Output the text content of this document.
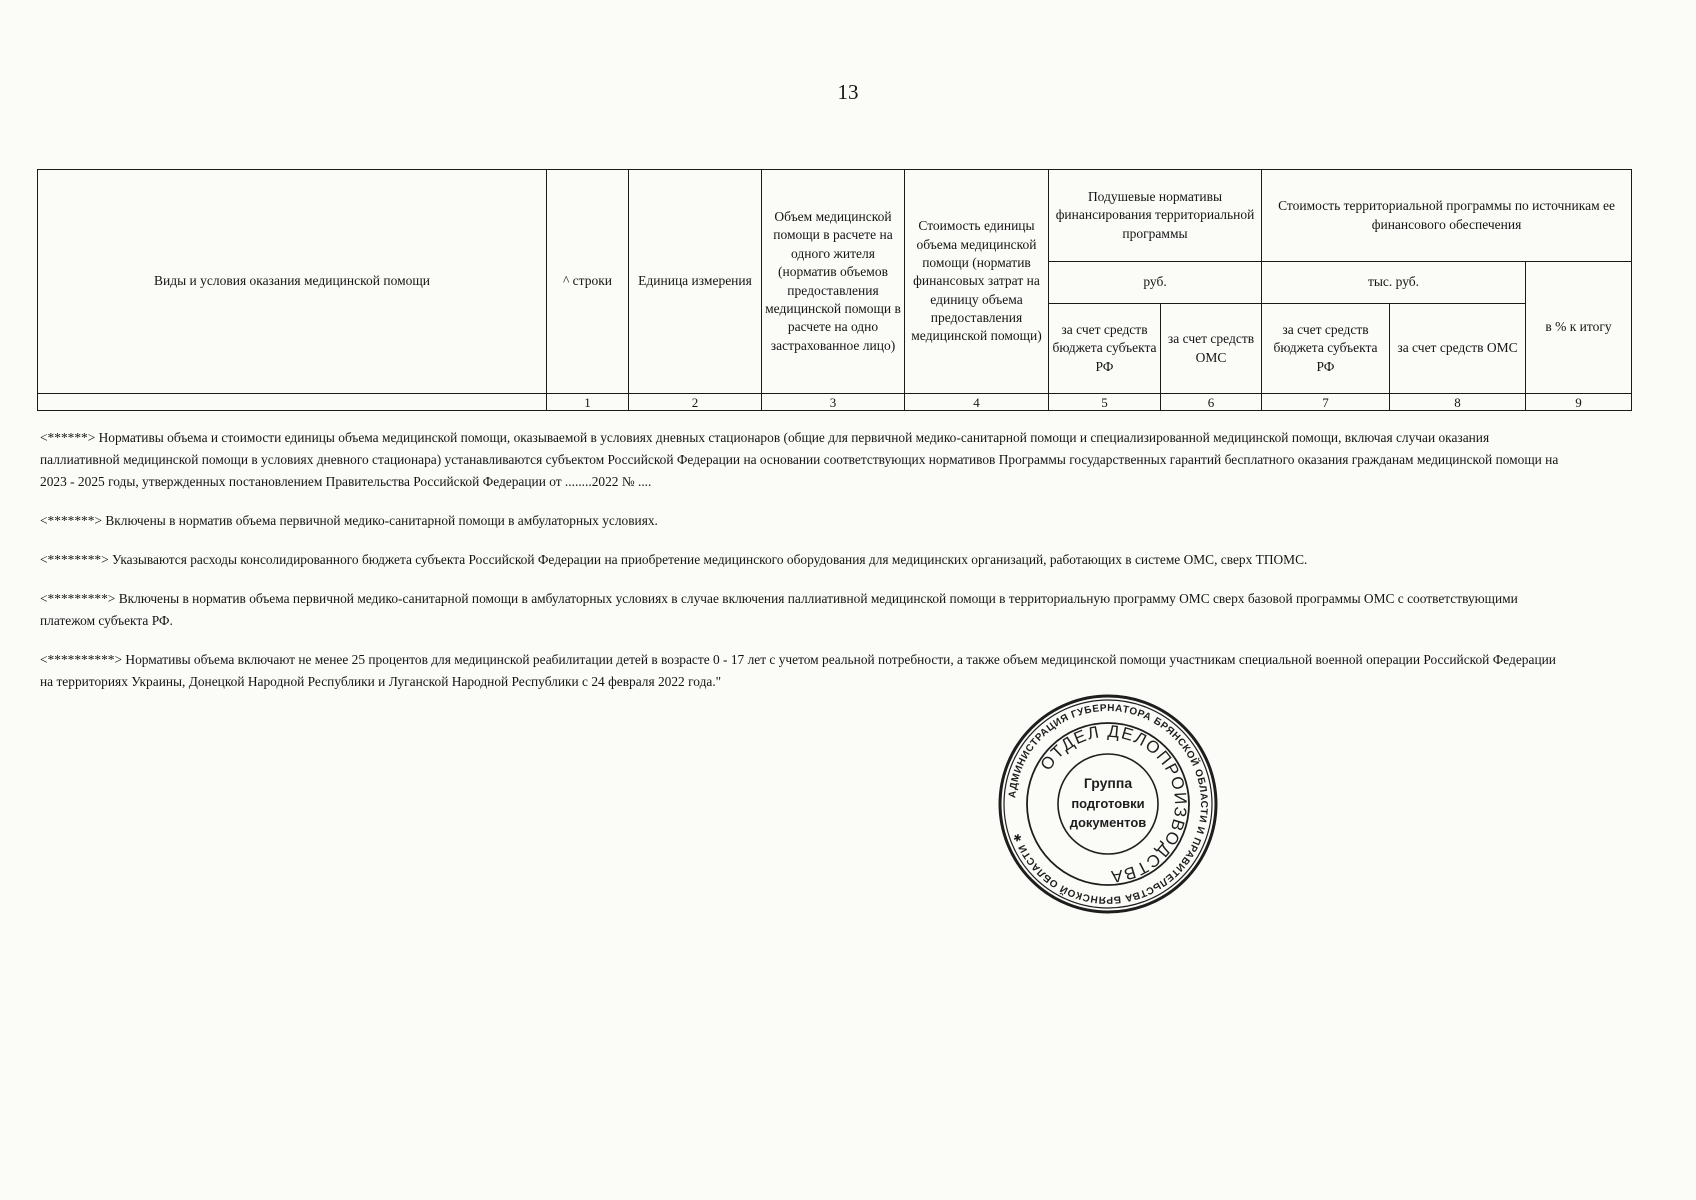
13
Виды и условия оказания медицинской помощи	^ строки	Единица измерения	Объем медицинской помощи в расчете на одного жителя (норматив объемов предоставления медицинской помощи в расчете на одно застрахованное лицо)	Стоимость единицы объема медицинской помощи (норматив финансовых затрат на единицу объема предоставления медицинской помощи)	Подушевые нормативы финансирования территориальной программы		Стоимость территориальной программы по источникам ее финансового обеспечения		
					руб.		тыс. руб.		в % к итогу
					за счет средств бюджета субъекта РФ	за счет средств ОМС	за счет средств бюджета субъекта РФ	за счет средств ОМС	
	1	2	3	4	5	6	7	8	9

<******> Нормативы объема и стоимости единицы объема медицинской помощи, оказываемой в условиях дневных стационаров (общие для первичной медико-санитарной помощи и специализированной медицинской помощи, включая случаи оказания паллиативной медицинской помощи в условиях дневного стационара) устанавливаются субъектом Российской Федерации на основании соответствующих нормативов Программы государственных гарантий бесплатного оказания гражданам медицинской помощи на 2023 - 2025 годы, утвержденных постановлением Правительства Российской Федерации от ........2022 № ....

<*******> Включены в норматив объема первичной медико-санитарной помощи в амбулаторных условиях.

<********> Указываются расходы консолидированного бюджета субъекта Российской Федерации на приобретение медицинского оборудования для медицинских организаций, работающих в системе ОМС, сверх ТПОМС.

<*********> Включены в норматив объема первичной медико-санитарной помощи в амбулаторных условиях в случае включения паллиативной медицинской помощи в территориальную программу ОМС сверх базовой программы ОМС с соответствующими платежом субъекта РФ.

<**********> Нормативы объема включают не менее 25 процентов для медицинской реабилитации детей в возрасте 0 - 17 лет с учетом реальной потребности, а также объем медицинской помощи участникам специальной военной операции Российской Федерации на территориях Украины, Донецкой Народной Республики и Луганской Народной Республики с 24 февраля 2022 года."

АДМИНИСТРАЦИЯ ГУБЕРНАТОРА БРЯНСКОЙ ОБЛАСТИ И ПРАВИТЕЛЬСТВА БРЯНСКОЙ ОБЛАСТИ ✱
ОТДЕЛ ДЕЛОПРОИЗВОДСТВА
Группа
подготовки
документов
